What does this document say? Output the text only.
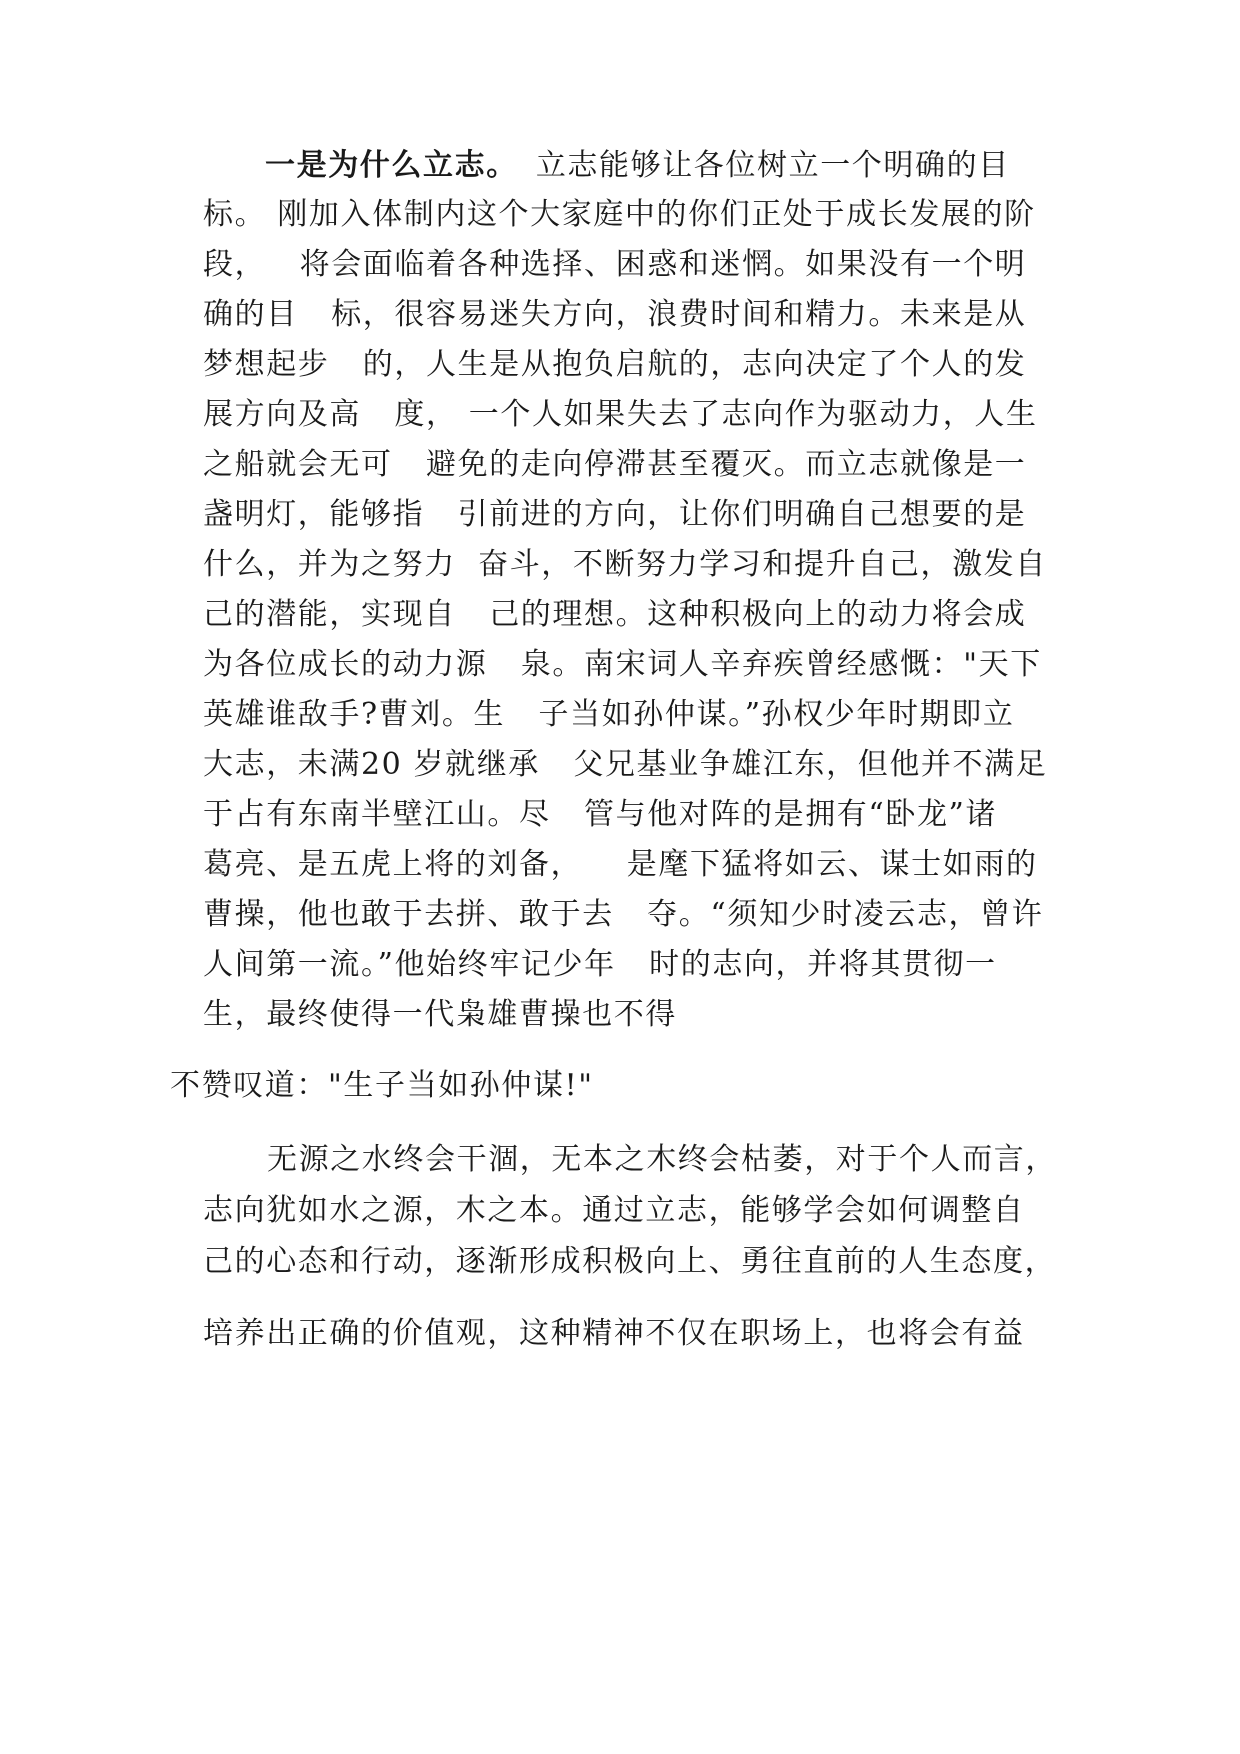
一是为什么立志。 立志能够让各位树立一个明确的目
标。 刚加入体制内这个大家庭中的你们正处于成长发展的阶
段，   将会面临着各种选择、困惑和迷惘。如果没有一个明
确的目   标，很容易迷失方向，浪费时间和精力。未来是从
梦想起步   的，人生是从抱负启航的，志向决定了个人的发
展方向及高   度， 一个人如果失去了志向作为驱动力，人生
之船就会无可   避免的走向停滞甚至覆灭。而立志就像是一
盏明灯，能够指   引前进的方向，让你们明确自己想要的是
什么，并为之努力  奋斗，不断努力学习和提升自己，激发自
己的潜能，实现自   己的理想。这种积极向上的动力将会成
为各位成长的动力源   泉。南宋词人辛弃疾曾经感慨："天下
英雄谁敌手?曹刘。生   子当如孙仲谋。”孙权少年时期即立
大志，未满20 岁就继承   父兄基业争雄江东，但他并不满足
于占有东南半壁江山。尽   管与他对阵的是拥有“卧龙”诸
葛亮、是五虎上将的刘备，    是麾下猛将如云、谋士如雨的
曹操，他也敢于去拼、敢于去   夺。“须知少时凌云志，曾许
人间第一流。”他始终牢记少年   时的志向，并将其贯彻一
生，最终使得一代枭雄曹操也不得
不赞叹道："生子当如孙仲谋!"
无源之水终会干涸，无本之木终会枯萎，对于个人而言，
志向犹如水之源，木之本。通过立志，能够学会如何调整自
己的心态和行动，逐渐形成积极向上、勇往直前的人生态度，
培养出正确的价值观，这种精神不仅在职场上，也将会有益
